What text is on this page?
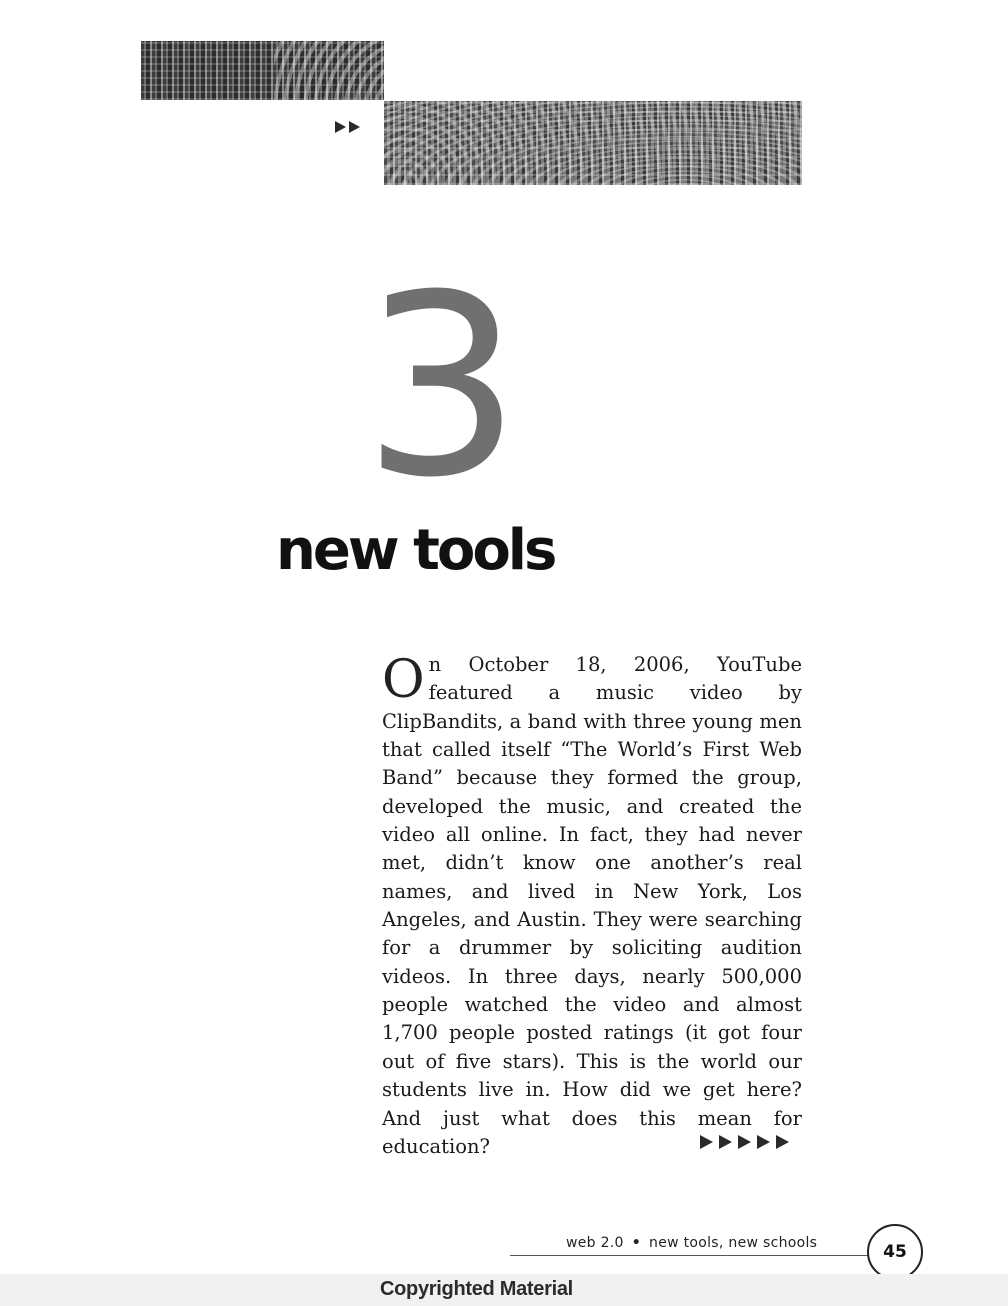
3
new tools

On October 18, 2006, YouTube featured a music video by ClipBandits, a band with three young men that called itself “The World’s First Web Band” because they formed the group, developed the music, and created the video all online. In fact, they had never met, didn’t know one another’s real names, and lived in New York, Los Angeles, and Austin. They were searching for a drummer by soliciting audition videos. In three days, nearly 500,000 people watched the video and almost 1,700 people posted ratings (it got four out of five stars). This is the world our students live in. How did we get here? And just what does this mean for education?

web 2.0 • new tools, new schools	45
Copyrighted Material
